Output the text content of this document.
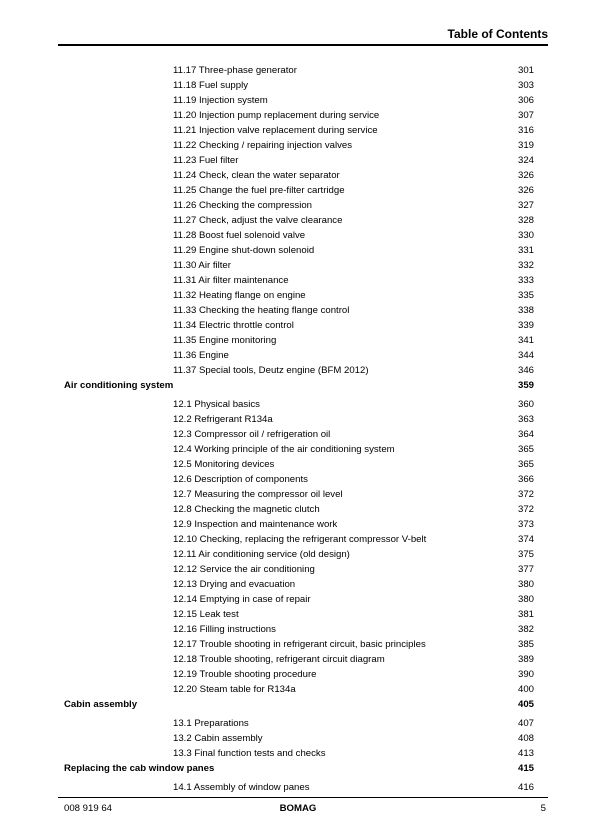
Table of Contents
11.17 Three-phase generator	301
11.18 Fuel supply	303
11.19 Injection system	306
11.20 Injection pump replacement during service	307
11.21 Injection valve replacement during service	316
11.22 Checking / repairing injection valves	319
11.23 Fuel filter	324
11.24 Check, clean the water separator	326
11.25 Change the fuel pre-filter cartridge	326
11.26 Checking the compression	327
11.27 Check, adjust the valve clearance	328
11.28 Boost fuel solenoid valve	330
11.29 Engine shut-down solenoid	331
11.30 Air filter	332
11.31 Air filter maintenance	333
11.32 Heating flange on engine	335
11.33 Checking the heating flange control	338
11.34 Electric throttle control	339
11.35 Engine monitoring	341
11.36 Engine	344
11.37 Special tools, Deutz engine (BFM 2012)	346
Air conditioning system	359
12.1 Physical basics	360
12.2 Refrigerant R134a	363
12.3 Compressor oil / refrigeration oil	364
12.4 Working principle of the air conditioning system	365
12.5 Monitoring devices	365
12.6 Description of components	366
12.7 Measuring the compressor oil level	372
12.8 Checking the magnetic clutch	372
12.9 Inspection and maintenance work	373
12.10 Checking, replacing the refrigerant compressor V-belt	374
12.11 Air conditioning service (old design)	375
12.12 Service the air conditioning	377
12.13 Drying and evacuation	380
12.14 Emptying in case of repair	380
12.15 Leak test	381
12.16 Filling instructions	382
12.17 Trouble shooting in refrigerant circuit, basic principles	385
12.18 Trouble shooting, refrigerant circuit diagram	389
12.19 Trouble shooting procedure	390
12.20 Steam table for R134a	400
Cabin assembly	405
13.1 Preparations	407
13.2 Cabin assembly	408
13.3 Final function tests and checks	413
Replacing the cab window panes	415
14.1 Assembly of window panes	416
008 919 64	BOMAG	5
